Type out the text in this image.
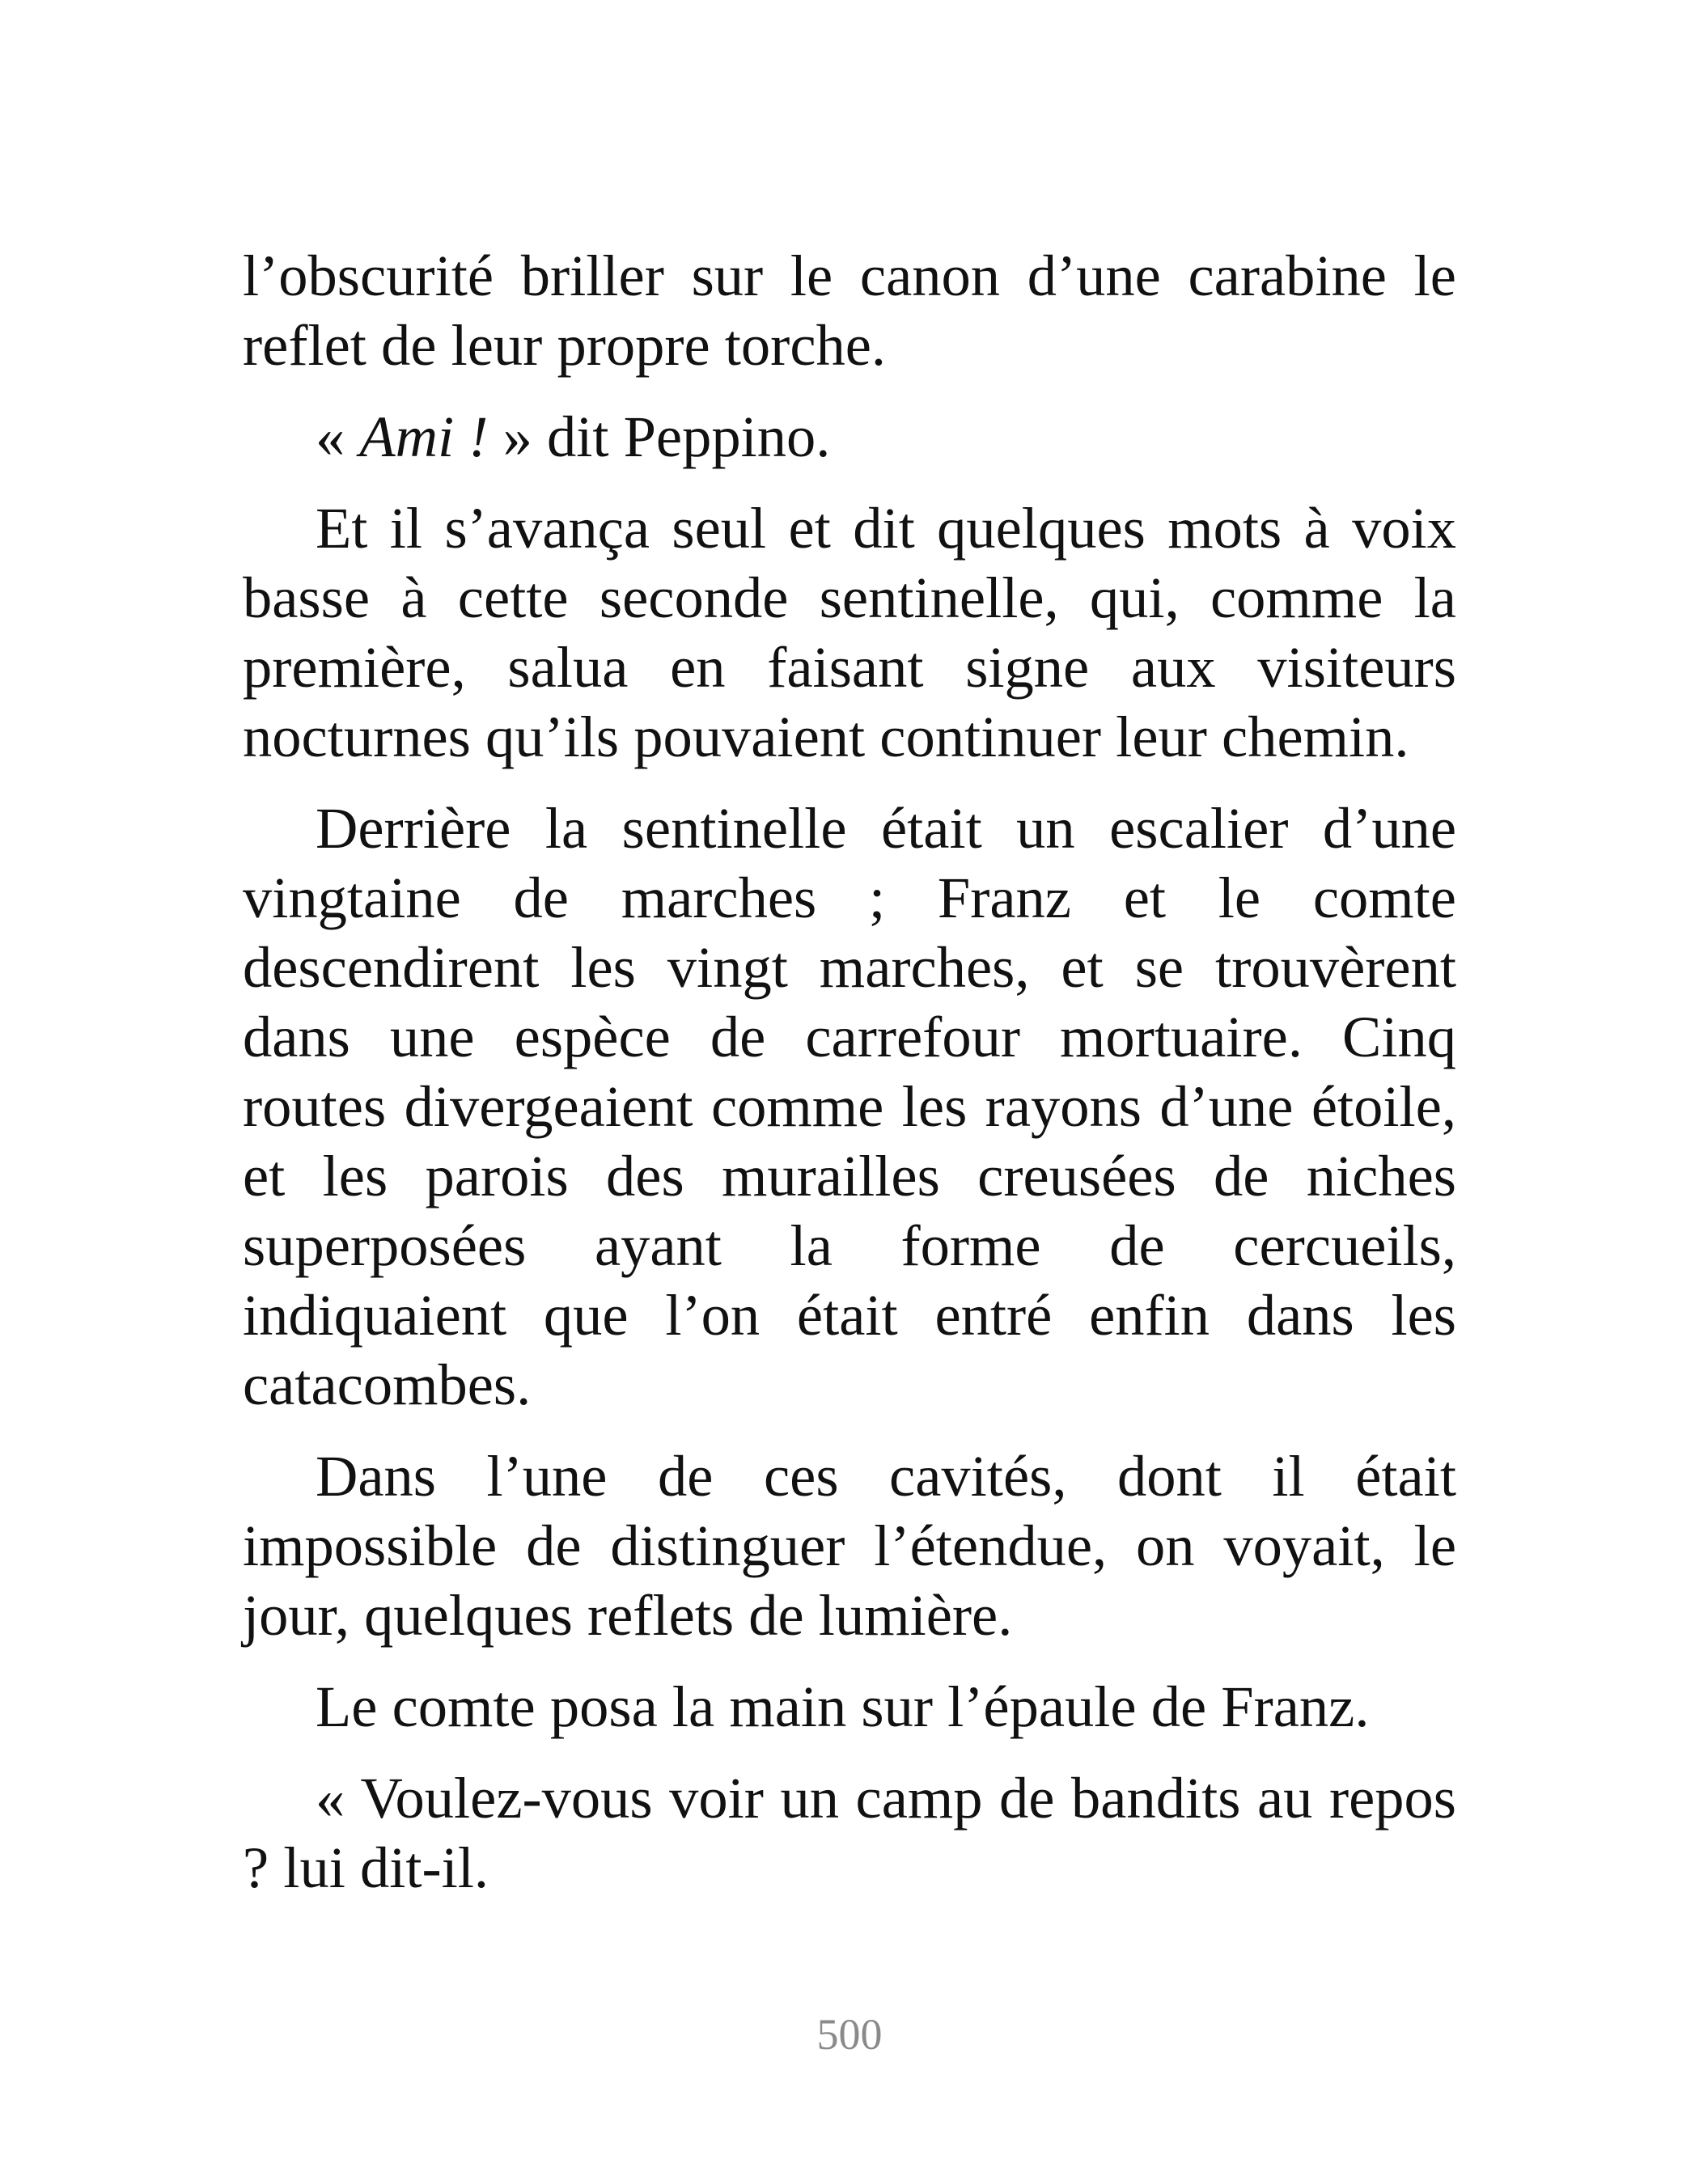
l’obscurité briller sur le canon d’une carabine le reflet de leur propre torche.

« Ami ! » dit Peppino.

Et il s’avança seul et dit quelques mots à voix basse à cette seconde sentinelle, qui, comme la première, salua en faisant signe aux visiteurs nocturnes qu’ils pouvaient continuer leur chemin.

Derrière la sentinelle était un escalier d’une vingtaine de marches ; Franz et le comte descendirent les vingt marches, et se trouvèrent dans une espèce de carrefour mortuaire. Cinq routes divergeaient comme les rayons d’une étoile, et les parois des murailles creusées de niches superposées ayant la forme de cercueils, indiquaient que l’on était entré enfin dans les catacombes.

Dans l’une de ces cavités, dont il était impossible de distinguer l’étendue, on voyait, le jour, quelques reflets de lumière.

Le comte posa la main sur l’épaule de Franz.

« Voulez-vous voir un camp de bandits au repos ? lui dit-il.

500
